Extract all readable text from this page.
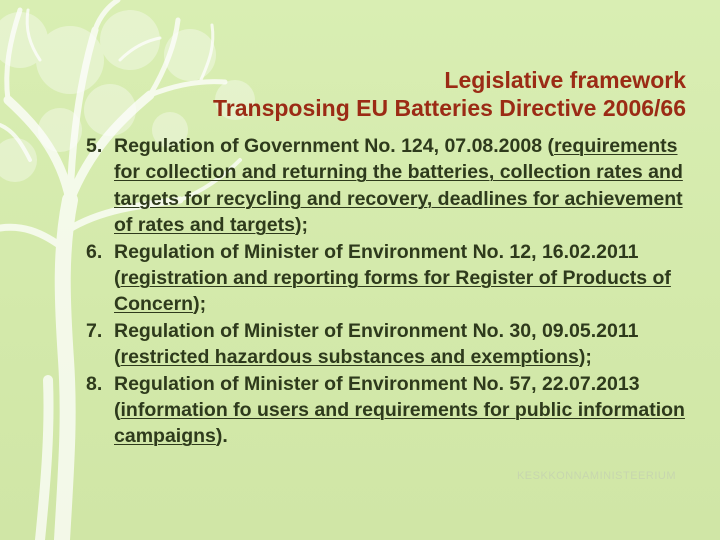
Legislative framework
Transposing EU Batteries Directive 2006/66
5. Regulation of Government No. 124, 07.08.2008 (requirements for collection and returning the batteries, collection rates and targets for recycling and recovery, deadlines for achievement of rates and targets);
6. Regulation of Minister of Environment No. 12, 16.02.2011 (registration and reporting forms for Register of Products of Concern);
7. Regulation of Minister of Environment No. 30, 09.05.2011 (restricted hazardous substances and exemptions);
8. Regulation of Minister of Environment No. 57, 22.07.2013 (information fo users and requirements for public information campaigns).
KESKKONNAMINISTEERIUM
